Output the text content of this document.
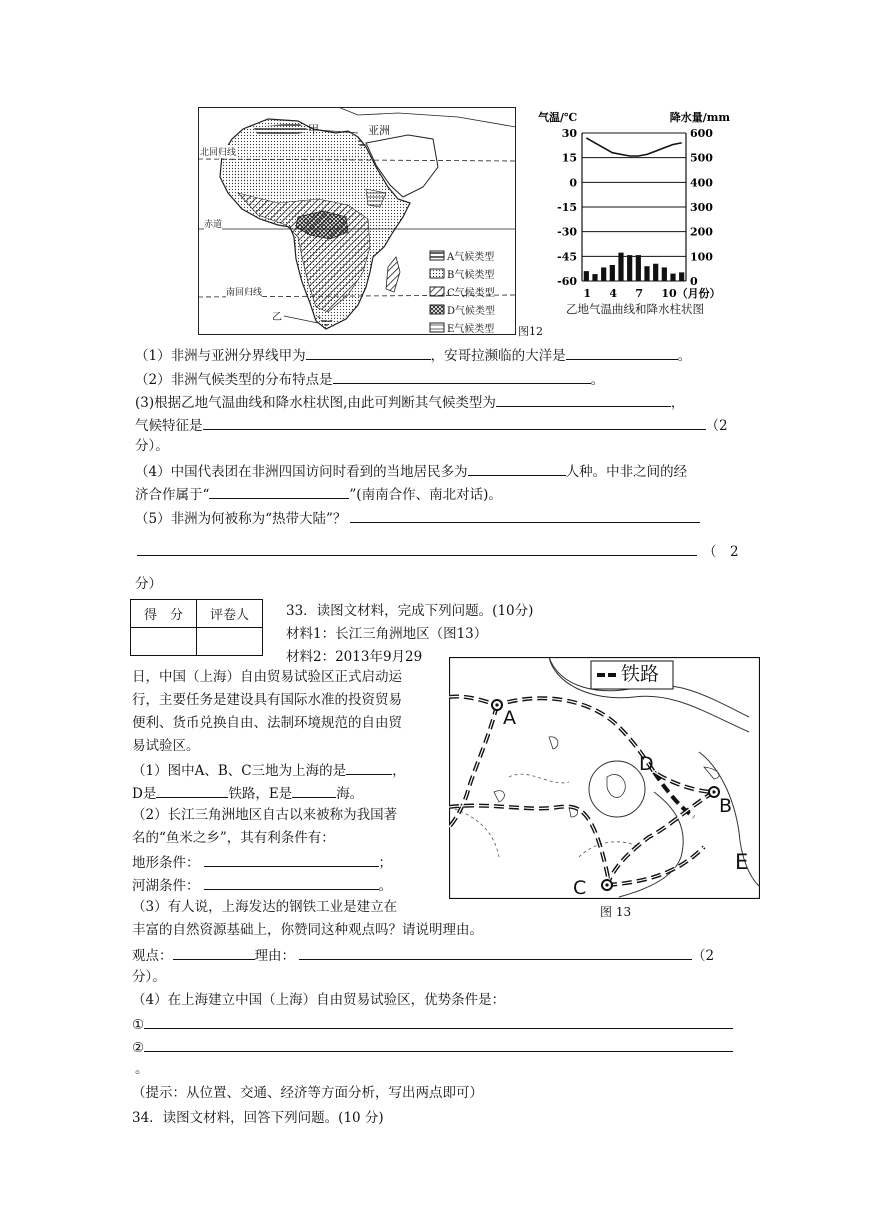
甲	亚洲
北回归线
赤道
南回归线
乙
A气候类型
B气候类型
C气候类型
D气候类型
E气候类型 图12
气温/℃	降水量/mm
30
15
0
-15
-30
-45
-60
600
500
400
300
200
100
0
1 4 7 10（月份）
乙地气温曲线和降水柱状图
（1）非洲与亚洲分界线甲为	，安哥拉濒临的大洋是	。
（2）非洲气候类型的分布特点是	。
(3)根据乙地气温曲线和降水柱状图,由此可判断其气候类型为	，
气候特征是	（2
分）。
（4）中国代表团在非洲四国访问时看到的当地居民多为	人种。中非之间的经
济合作属于“	”(南南合作、南北对话)。
（5）非洲为何被称为“热带大陆”？
（　2
分）
得　分	评卷人
		33．读图文材料，完成下列问题。(10分)
材料1：长江三角洲地区（图13）
材料2：2013年9月29
日，中国（上海）自由贸易试验区正式启动运
行，主要任务是建设具有国际水准的投资贸易
便利、货币兑换自由、法制环境规范的自由贸
易试验区。
（1）图中A、B、C三地为上海的是	，
D是	铁路，E是	海。
（2）长江三角洲地区自古以来被称为我国著
名的“鱼米之乡”，其有利条件有：
地形条件：	；
河湖条件：	。
（3）有人说，上海发达的钢铁工业是建立在
丰富的自然资源基础上，你赞同这种观点吗？请说明理由。
观点：	理由：	（2
分）。
（4）在上海建立中国（上海）自由贸易试验区，优势条件是：
①
②
。
（提示：从位置、交通、经济等方面分析，写出两点即可）
34．读图文材料，回答下列问题。(10 分)
铁路
A
B
C
D
E
图 13
